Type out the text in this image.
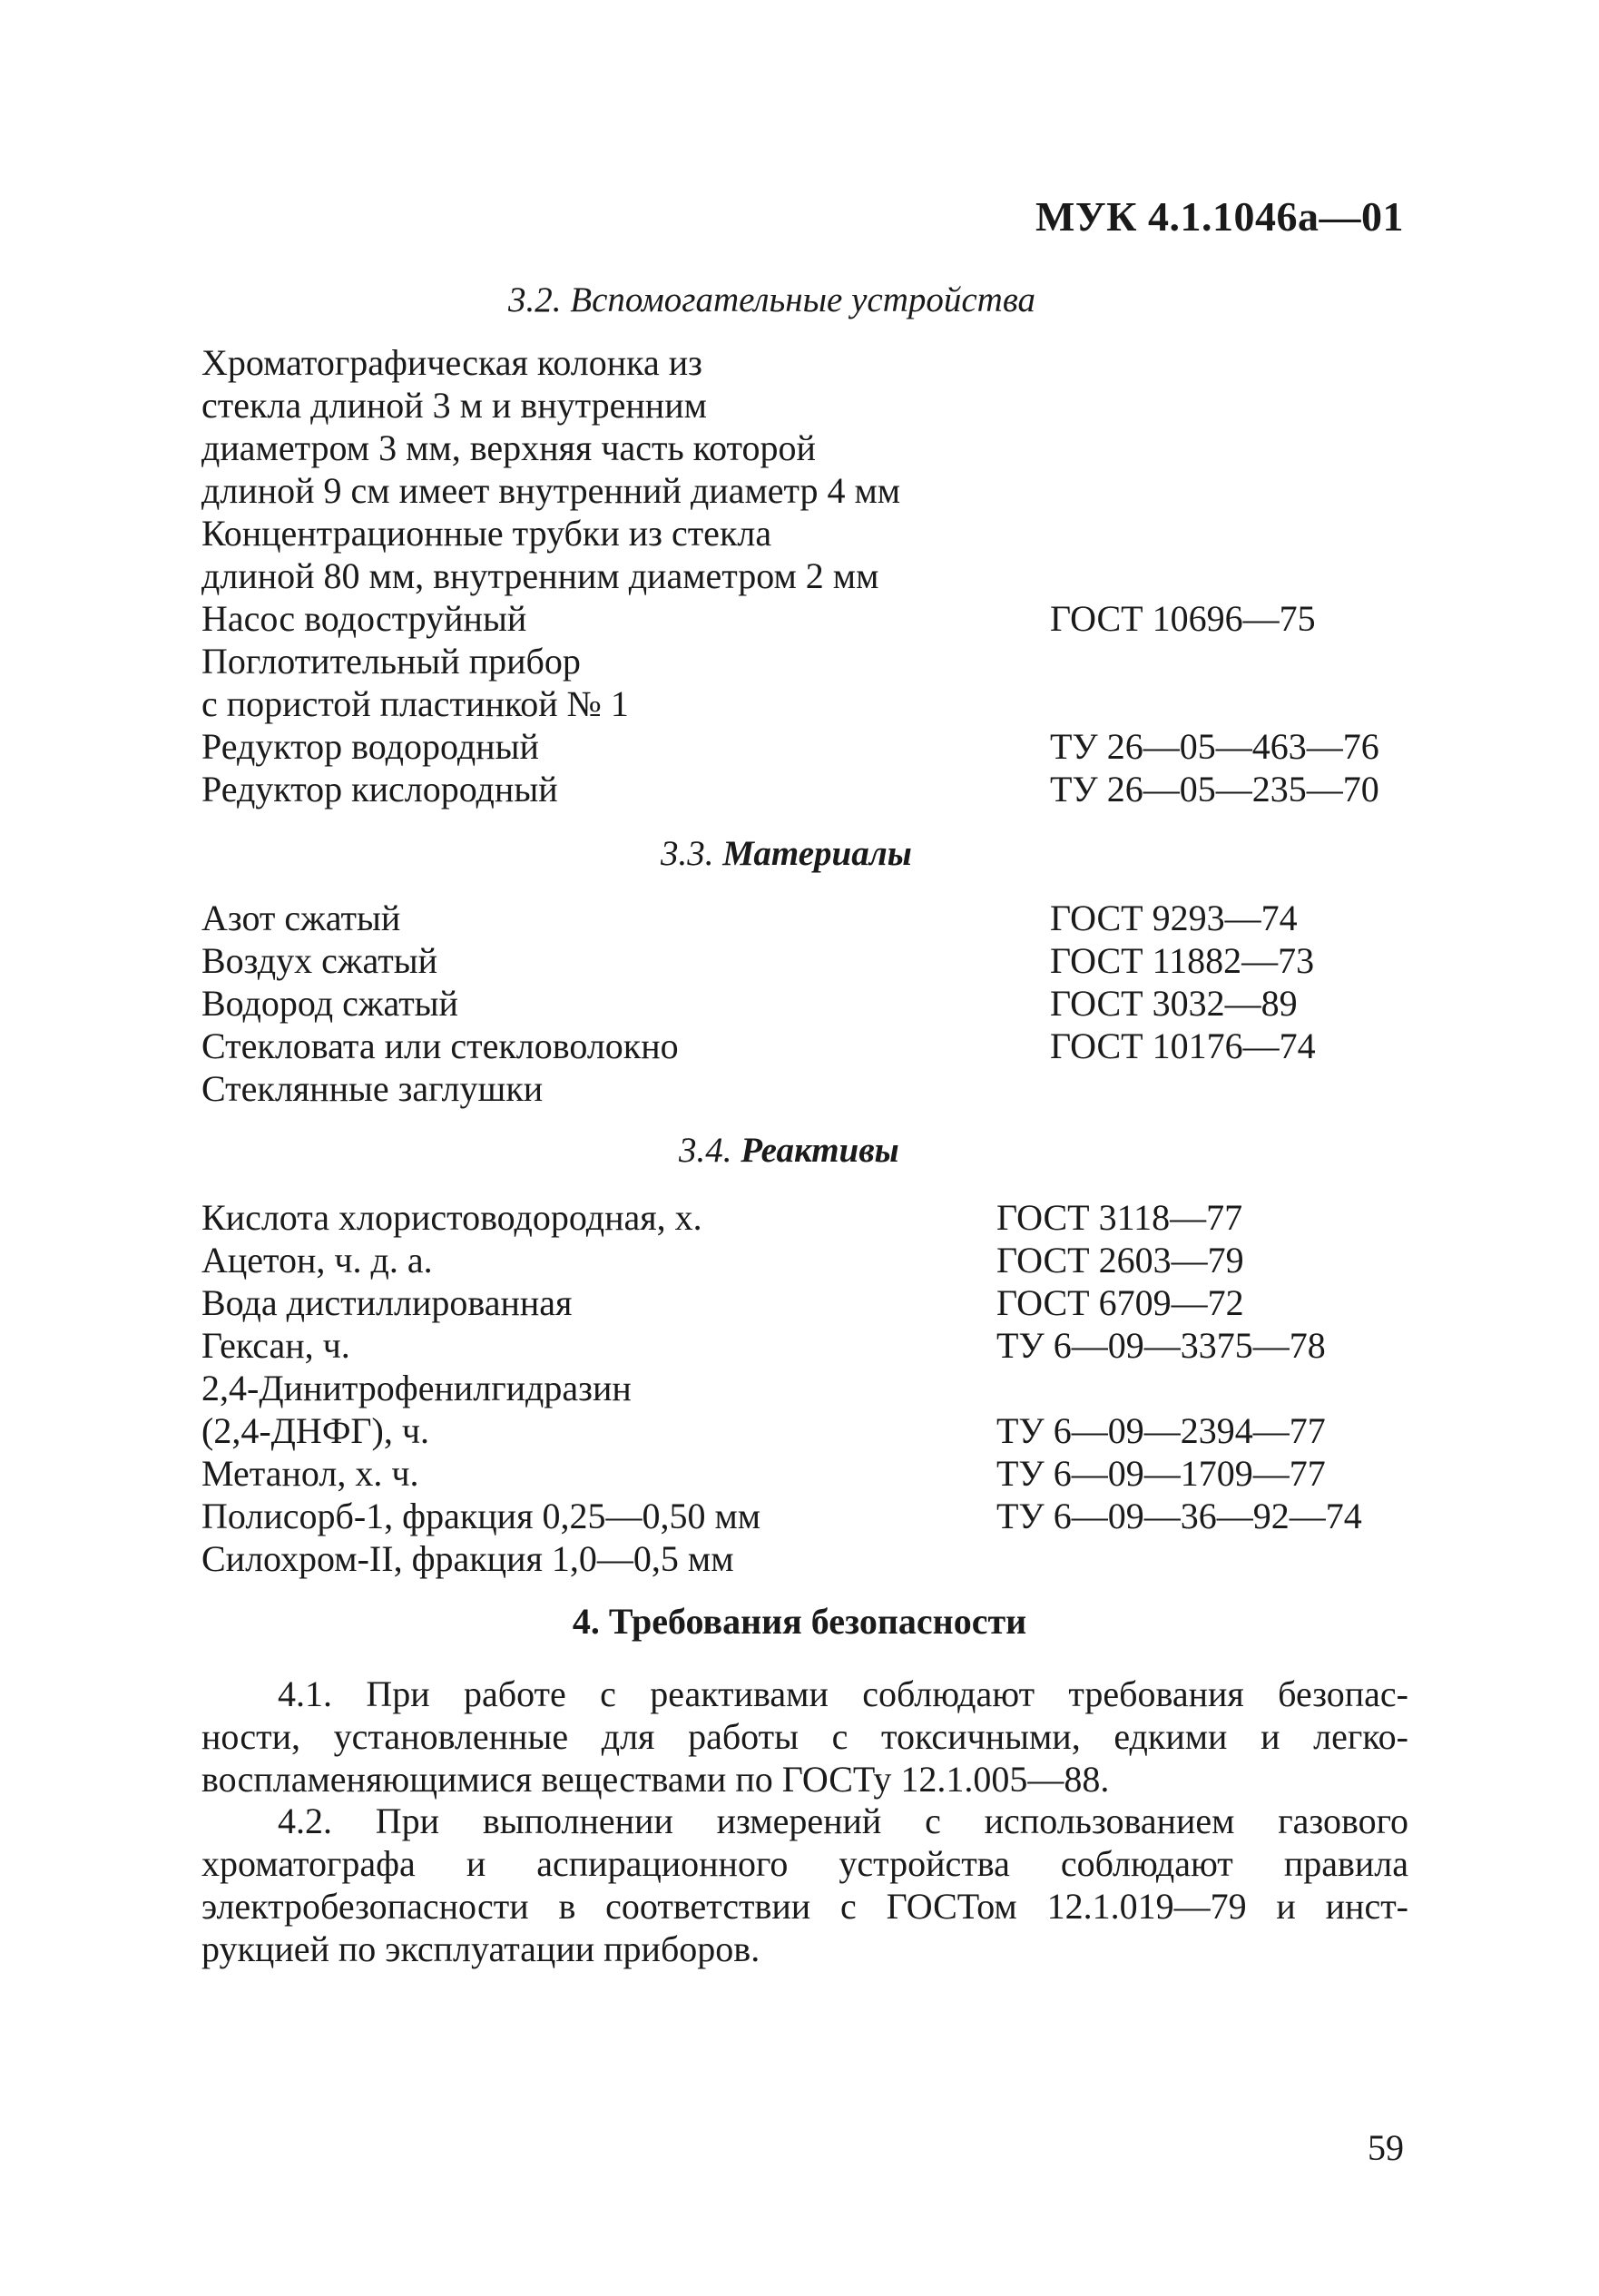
МУК 4.1.1046а—01
3.2. Вспомогательные устройства
Хроматографическая колонка из
стекла длиной 3 м и внутренним
диаметром 3 мм, верхняя часть которой
длиной 9 см имеет внутренний диаметр 4 мм
Концентрационные трубки из стекла
длиной 80 мм, внутренним диаметром 2 мм
Насос водоструйный	ГОСТ 10696—75
Поглотительный прибор
с пористой пластинкой № 1
Редуктор водородный	ТУ 26—05—463—76
Редуктор кислородный	ТУ 26—05—235—70
3.3. Материалы
Азот сжатый	ГОСТ 9293—74
Воздух сжатый	ГОСТ 11882—73
Водород сжатый	ГОСТ 3032—89
Стекловата или стекловолокно	ГОСТ 10176—74
Стеклянные заглушки
3.4. Реактивы
Кислота хлористоводородная, х.	ГОСТ 3118—77
Ацетон, ч. д. а.	ГОСТ 2603—79
Вода дистиллированная	ГОСТ 6709—72
Гексан, ч.	ТУ 6—09—3375—78
2,4-Динитрофенилгидразин
(2,4-ДНФГ), ч.	ТУ 6—09—2394—77
Метанол, х. ч.	ТУ 6—09—1709—77
Полисорб-1, фракция 0,25—0,50 мм	ТУ 6—09—36—92—74
Силохром-II, фракция 1,0—0,5 мм
4. Требования безопасности
4.1. При работе с реактивами соблюдают требования безопас-
ности, установленные для работы с токсичными, едкими и легко-
воспламеняющимися веществами по ГОСТу 12.1.005—88.
4.2. При выполнении измерений с использованием газового
хроматографа и аспирационного устройства соблюдают правила
электробезопасности в соответствии с ГОСТом 12.1.019—79 и инст-
рукцией по эксплуатации приборов.
59
